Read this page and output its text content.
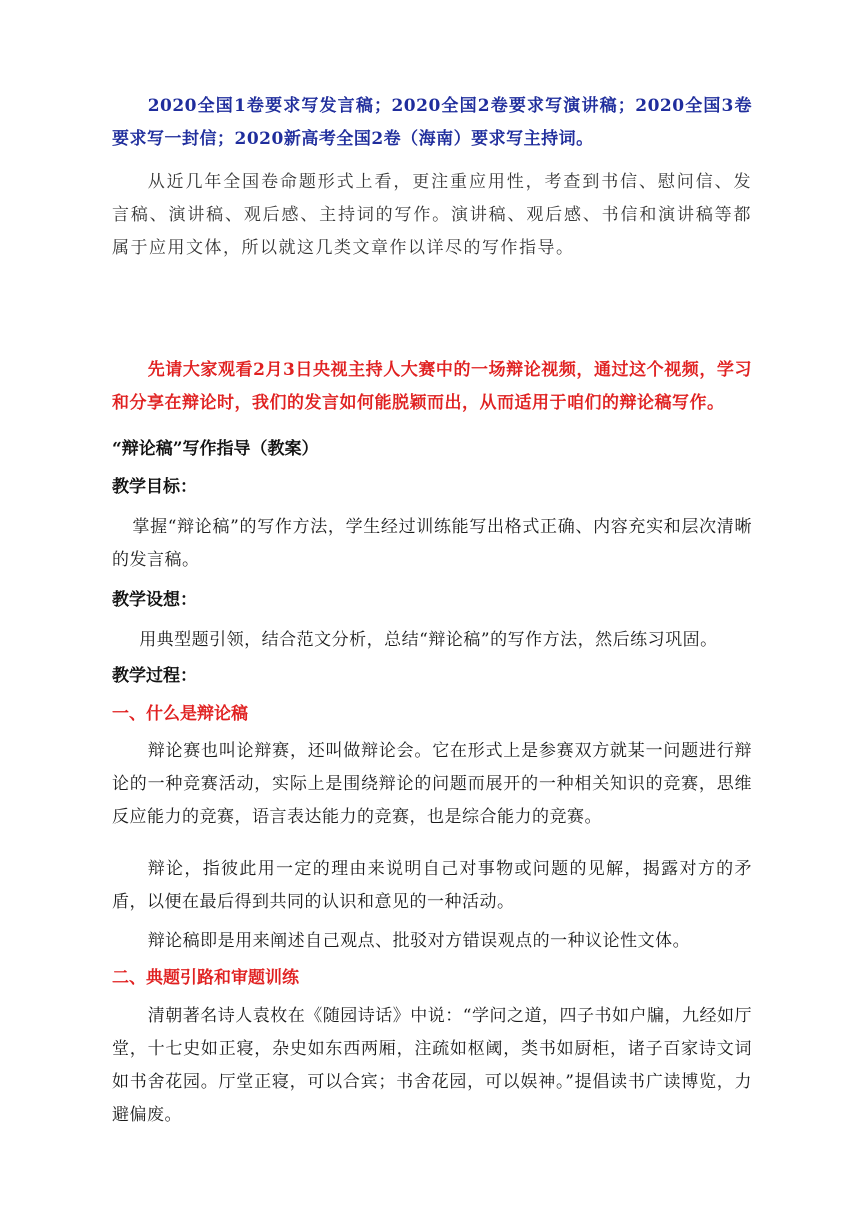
2020全国1卷要求写发言稿；2020全国2卷要求写演讲稿；2020全国3卷要求写一封信；2020新高考全国2卷（海南）要求写主持词。

从近几年全国卷命题形式上看，更注重应用性，考查到书信、慰问信、发言稿、演讲稿、观后感、主持词的写作。演讲稿、观后感、书信和演讲稿等都属于应用文体，所以就这几类文章作以详尽的写作指导。

先请大家观看2月3日央视主持人大赛中的一场辩论视频，通过这个视频，学习和分享在辩论时，我们的发言如何能脱颖而出，从而适用于咱们的辩论稿写作。

“辩论稿”写作指导（教案）

教学目标：

掌握“辩论稿”的写作方法，学生经过训练能写出格式正确、内容充实和层次清晰的发言稿。

教学设想：

用典型题引领，结合范文分析，总结“辩论稿”的写作方法，然后练习巩固。

教学过程：

一、什么是辩论稿

辩论赛也叫论辩赛，还叫做辩论会。它在形式上是参赛双方就某一问题进行辩论的一种竞赛活动，实际上是围绕辩论的问题而展开的一种相关知识的竞赛，思维反应能力的竞赛，语言表达能力的竞赛，也是综合能力的竞赛。

辩论，指彼此用一定的理由来说明自己对事物或问题的见解，揭露对方的矛盾，以便在最后得到共同的认识和意见的一种活动。

辩论稿即是用来阐述自己观点、批驳对方错误观点的一种议论性文体。

二、典题引路和审题训练

清朝著名诗人袁枚在《随园诗话》中说：“学问之道，四子书如户牖，九经如厅堂，十七史如正寝，杂史如东西两厢，注疏如枢阈，类书如厨柜，诸子百家诗文词如书舍花园。厅堂正寝，可以合宾；书舍花园，可以娱神。”提倡读书广读博览，力避偏废。
